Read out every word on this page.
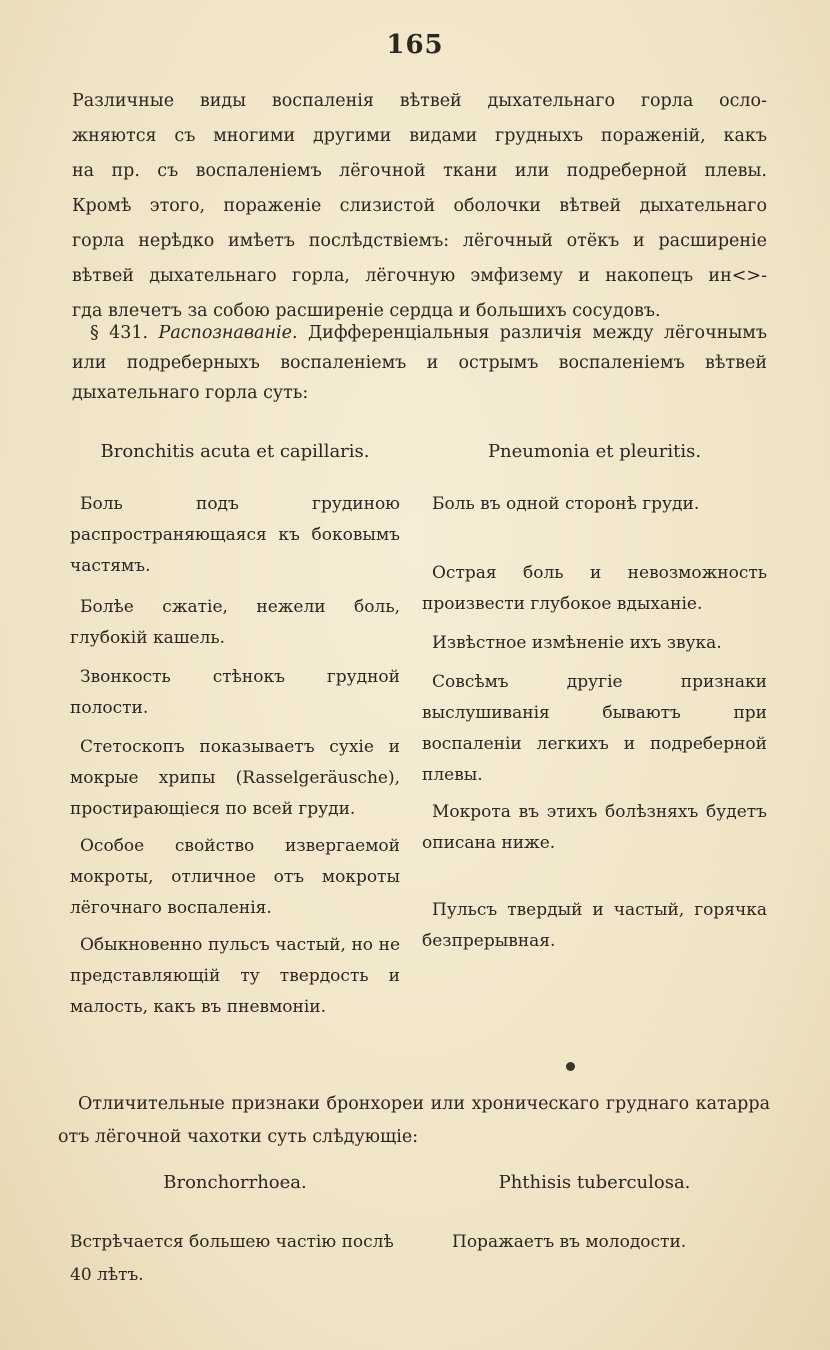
165

Различные виды воспаленія вѣтвей дыхательнаго горла осло-

жняются съ многими другими видами грудныхъ пораженій, какъ

на пр. съ воспаленіемъ лёгочной ткани или подреберной плевы.

Кромѣ этого, пораженіе слизистой оболочки вѣтвей дыхательнаго

горла нерѣдко имѣетъ послѣдствіемъ: лёгочный отёкъ и расширеніе

вѣтвей дыхательнаго горла, лёгочную эмфизему и накопецъ ин<>-

гда влечетъ за собою расширеніе сердца и большихъ сосудовъ.

§ 431. Распознаваніе. Дифференціальныя различія между лёгочнымъ или подреберныхъ воспаленіемъ и острымъ воспаленіемъ вѣтвей дыхательнаго горла суть:

Bronchitis acuta et capillaris.

Боль подъ грудиною распространяющаяся къ боковымъ частямъ.

Болѣе сжатіе, нежели боль, глубокій кашель.

Звонкость стѣнокъ грудной полости.

Стетоскопъ показываетъ сухіе и мокрые хрипы (Rasselgeräusche), простирающіеся по всей груди.

Особое свойство извергаемой мокроты, отличное отъ мокроты лёгочнаго воспаленія.

Обыкновенно пульсъ частый, но не представляющій ту твердость и малость, какъ въ пневмоніи.

Pneumonia et pleuritis.

Боль въ одной сторонѣ груди.

Острая боль и невозможность произвести глубокое вдыханіе.

Извѣстное измѣненіе ихъ звука.

Совсѣмъ другіе признаки выслушиванія бываютъ при воспаленіи легкихъ и подреберной плевы.

Мокрота въ этихъ болѣзняхъ будетъ описана ниже.

Пульсъ твердый и частый, горячка безпрерывная.

Отличительные признаки бронхореи или хроническаго груднаго катарра отъ лёгочной чахотки суть слѣдующіе:

Bronchorrhoea.	Phthisis tuberculosa.
Встрѣчается большею частію послѣ 40 лѣтъ.
Поражаетъ въ молодости.
